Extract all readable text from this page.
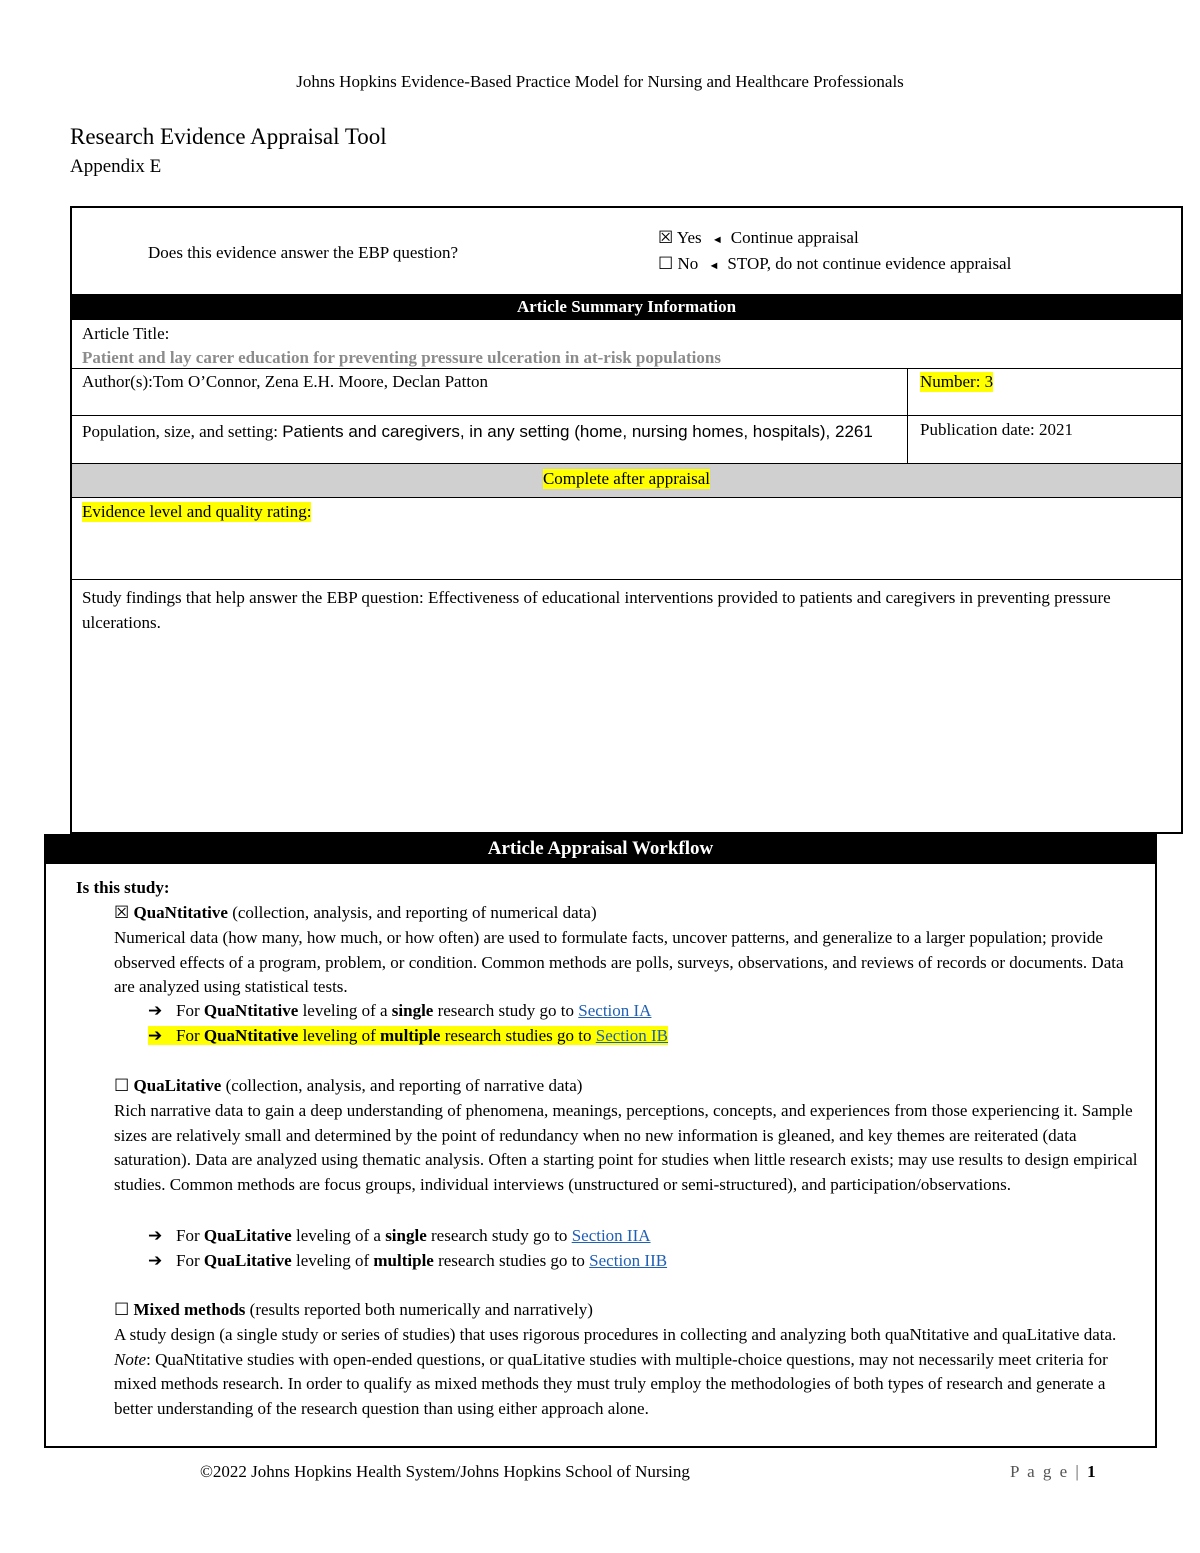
Johns Hopkins Evidence-Based Practice Model for Nursing and Healthcare Professionals
Research Evidence Appraisal Tool
Appendix E
Does this evidence answer the EBP question?
☒ Yes ◄ Continue appraisal
☐ No ◄ STOP, do not continue evidence appraisal
Article Summary Information
Article Title:
Patient and lay carer education for preventing pressure ulceration in at-risk populations
Author(s):Tom O’Connor, Zena E.H. Moore, Declan Patton	Number: 3
Population, size, and setting: Patients and caregivers, in any setting (home, nursing homes, hospitals), 2261	Publication date: 2021
Complete after appraisal
Evidence level and quality rating:
Study findings that help answer the EBP question: Effectiveness of educational interventions provided to patients and caregivers in preventing pressure ulcerations.
Article Appraisal Workflow
Is this study:
☒ QuaNtitative (collection, analysis, and reporting of numerical data)
Numerical data (how many, how much, or how often) are used to formulate facts, uncover patterns, and generalize to a larger population; provide observed effects of a program, problem, or condition. Common methods are polls, surveys, observations, and reviews of records or documents. Data are analyzed using statistical tests.
➔ For QuaNtitative leveling of a single research study go to Section IA
➔ For QuaNtitative leveling of multiple research studies go to Section IB
☐ QuaLitative (collection, analysis, and reporting of narrative data)
Rich narrative data to gain a deep understanding of phenomena, meanings, perceptions, concepts, and experiences from those experiencing it. Sample sizes are relatively small and determined by the point of redundancy when no new information is gleaned, and key themes are reiterated (data saturation). Data are analyzed using thematic analysis. Often a starting point for studies when little research exists; may use results to design empirical studies. Common methods are focus groups, individual interviews (unstructured or semi-structured), and participation/observations.
➔ For QuaLitative leveling of a single research study go to Section IIA
➔ For QuaLitative leveling of multiple research studies go to Section IIB
☐ Mixed methods (results reported both numerically and narratively)
A study design (a single study or series of studies) that uses rigorous procedures in collecting and analyzing both quaNtitative and quaLitative data. Note: QuaNtitative studies with open-ended questions, or quaLitative studies with multiple-choice questions, may not necessarily meet criteria for mixed methods research. In order to qualify as mixed methods they must truly employ the methodologies of both types of research and generate a better understanding of the research question than using either approach alone.
©2022 Johns Hopkins Health System/Johns Hopkins School of Nursing	P a g e | 1
